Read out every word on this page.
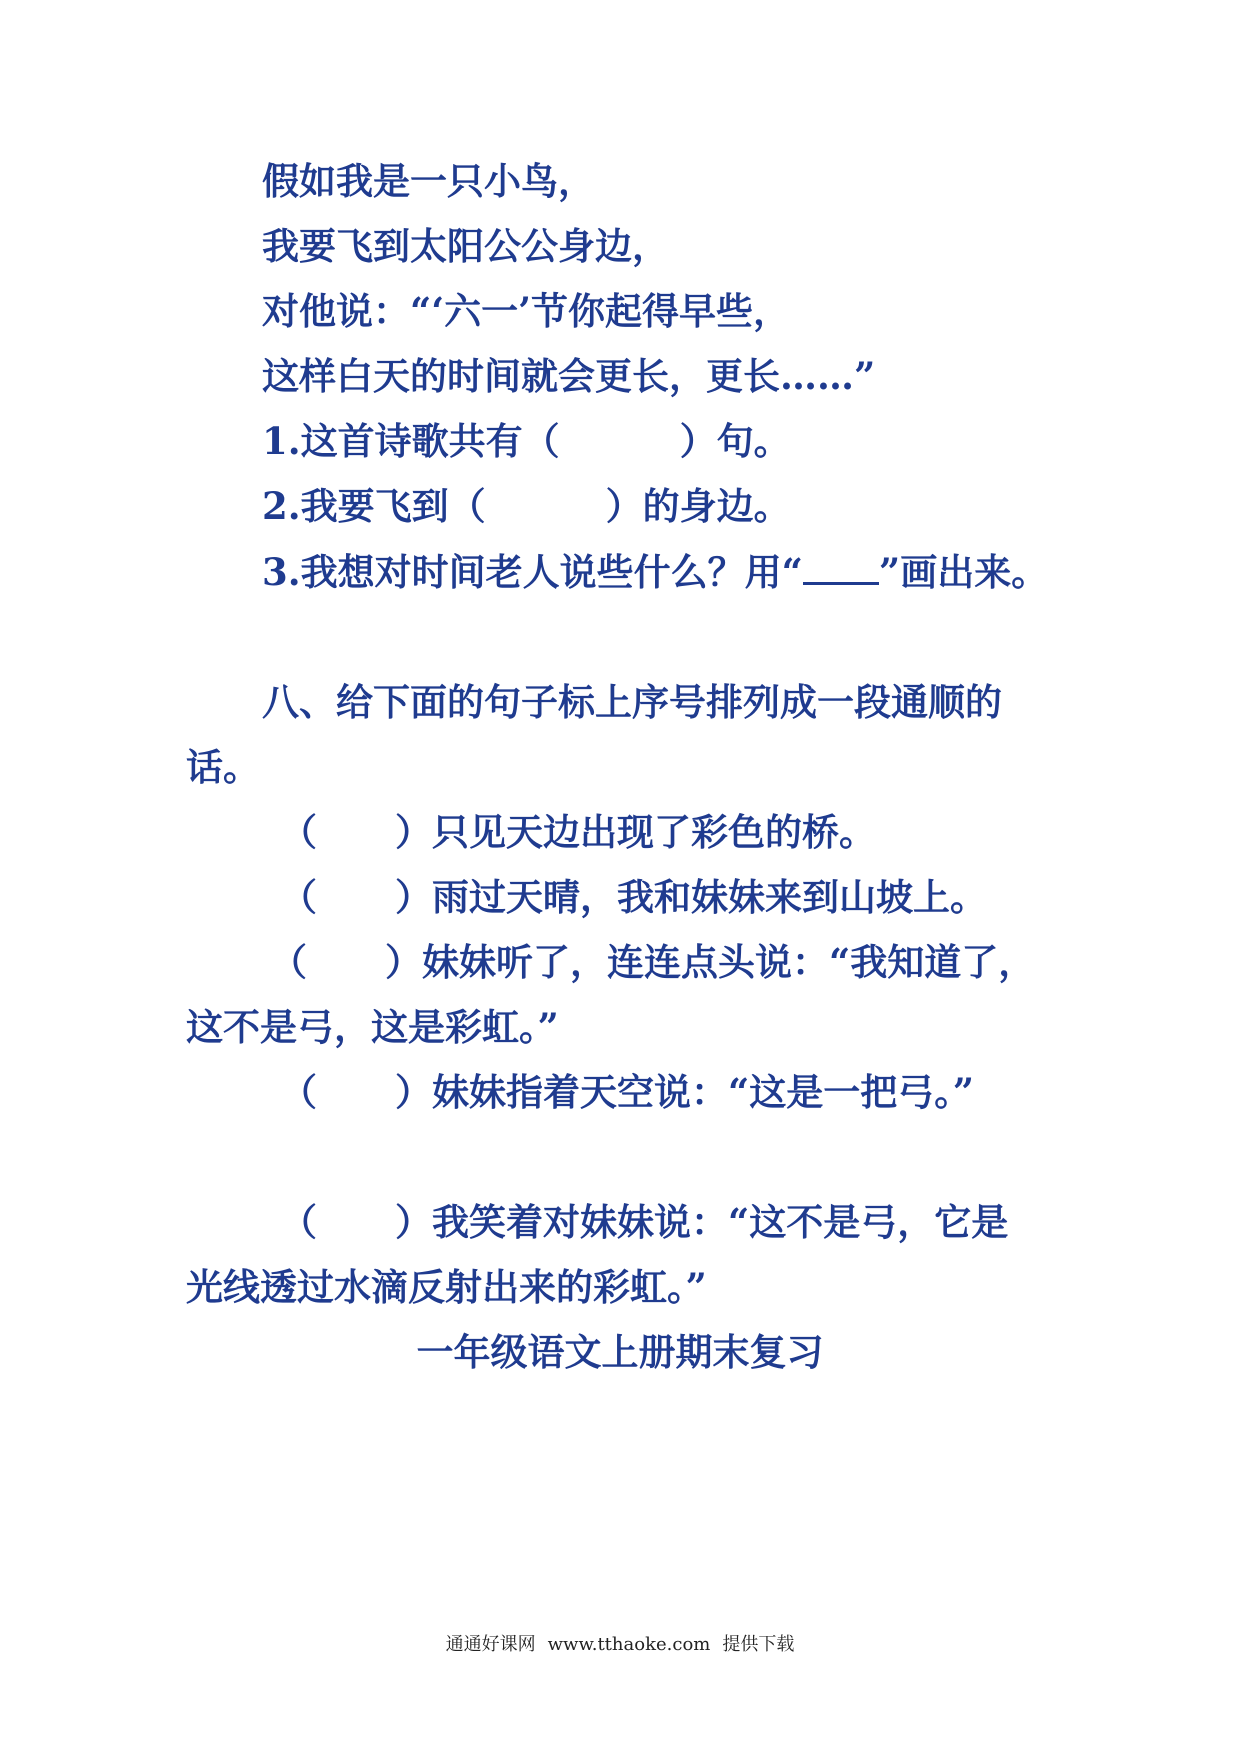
假如我是一只小鸟，
我要飞到太阳公公身边，
对他说：“‘六一’节你起得早些，
这样白天的时间就会更长，更长……”
1.这首诗歌共有（	）句。
2.我要飞到（	）的身边。
3.我想对时间老人说些什么？用“ ”画出来。
八、给下面的句子标上序号排列成一段通顺的
话。
（ ）只见天边出现了彩色的桥。
（ ）雨过天晴，我和妹妹来到山坡上。
（ ）妹妹听了，连连点头说：“我知道了，
这不是弓，这是彩虹。”
（ ）妹妹指着天空说：“这是一把弓。”
（ ）我笑着对妹妹说：“这不是弓，它是
光线透过水滴反射出来的彩虹。”
一年级语文上册期末复习
通通好课网 www.tthaoke.com 提供下载
